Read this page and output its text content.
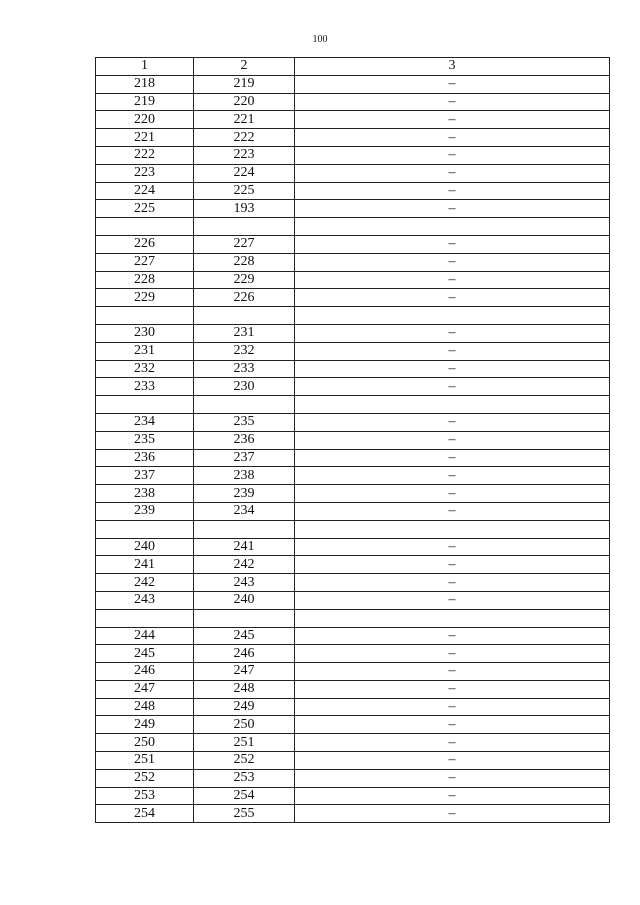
100
1	2	3
218	219	–
219	220	–
220	221	–
221	222	–
222	223	–
223	224	–
224	225	–
225	193	–

226	227	–
227	228	–
228	229	–
229	226	–

230	231	–
231	232	–
232	233	–
233	230	–

234	235	–
235	236	–
236	237	–
237	238	–
238	239	–
239	234	–

240	241	–
241	242	–
242	243	–
243	240	–

244	245	–
245	246	–
246	247	–
247	248	–
248	249	–
249	250	–
250	251	–
251	252	–
252	253	–
253	254	–
254	255	–
